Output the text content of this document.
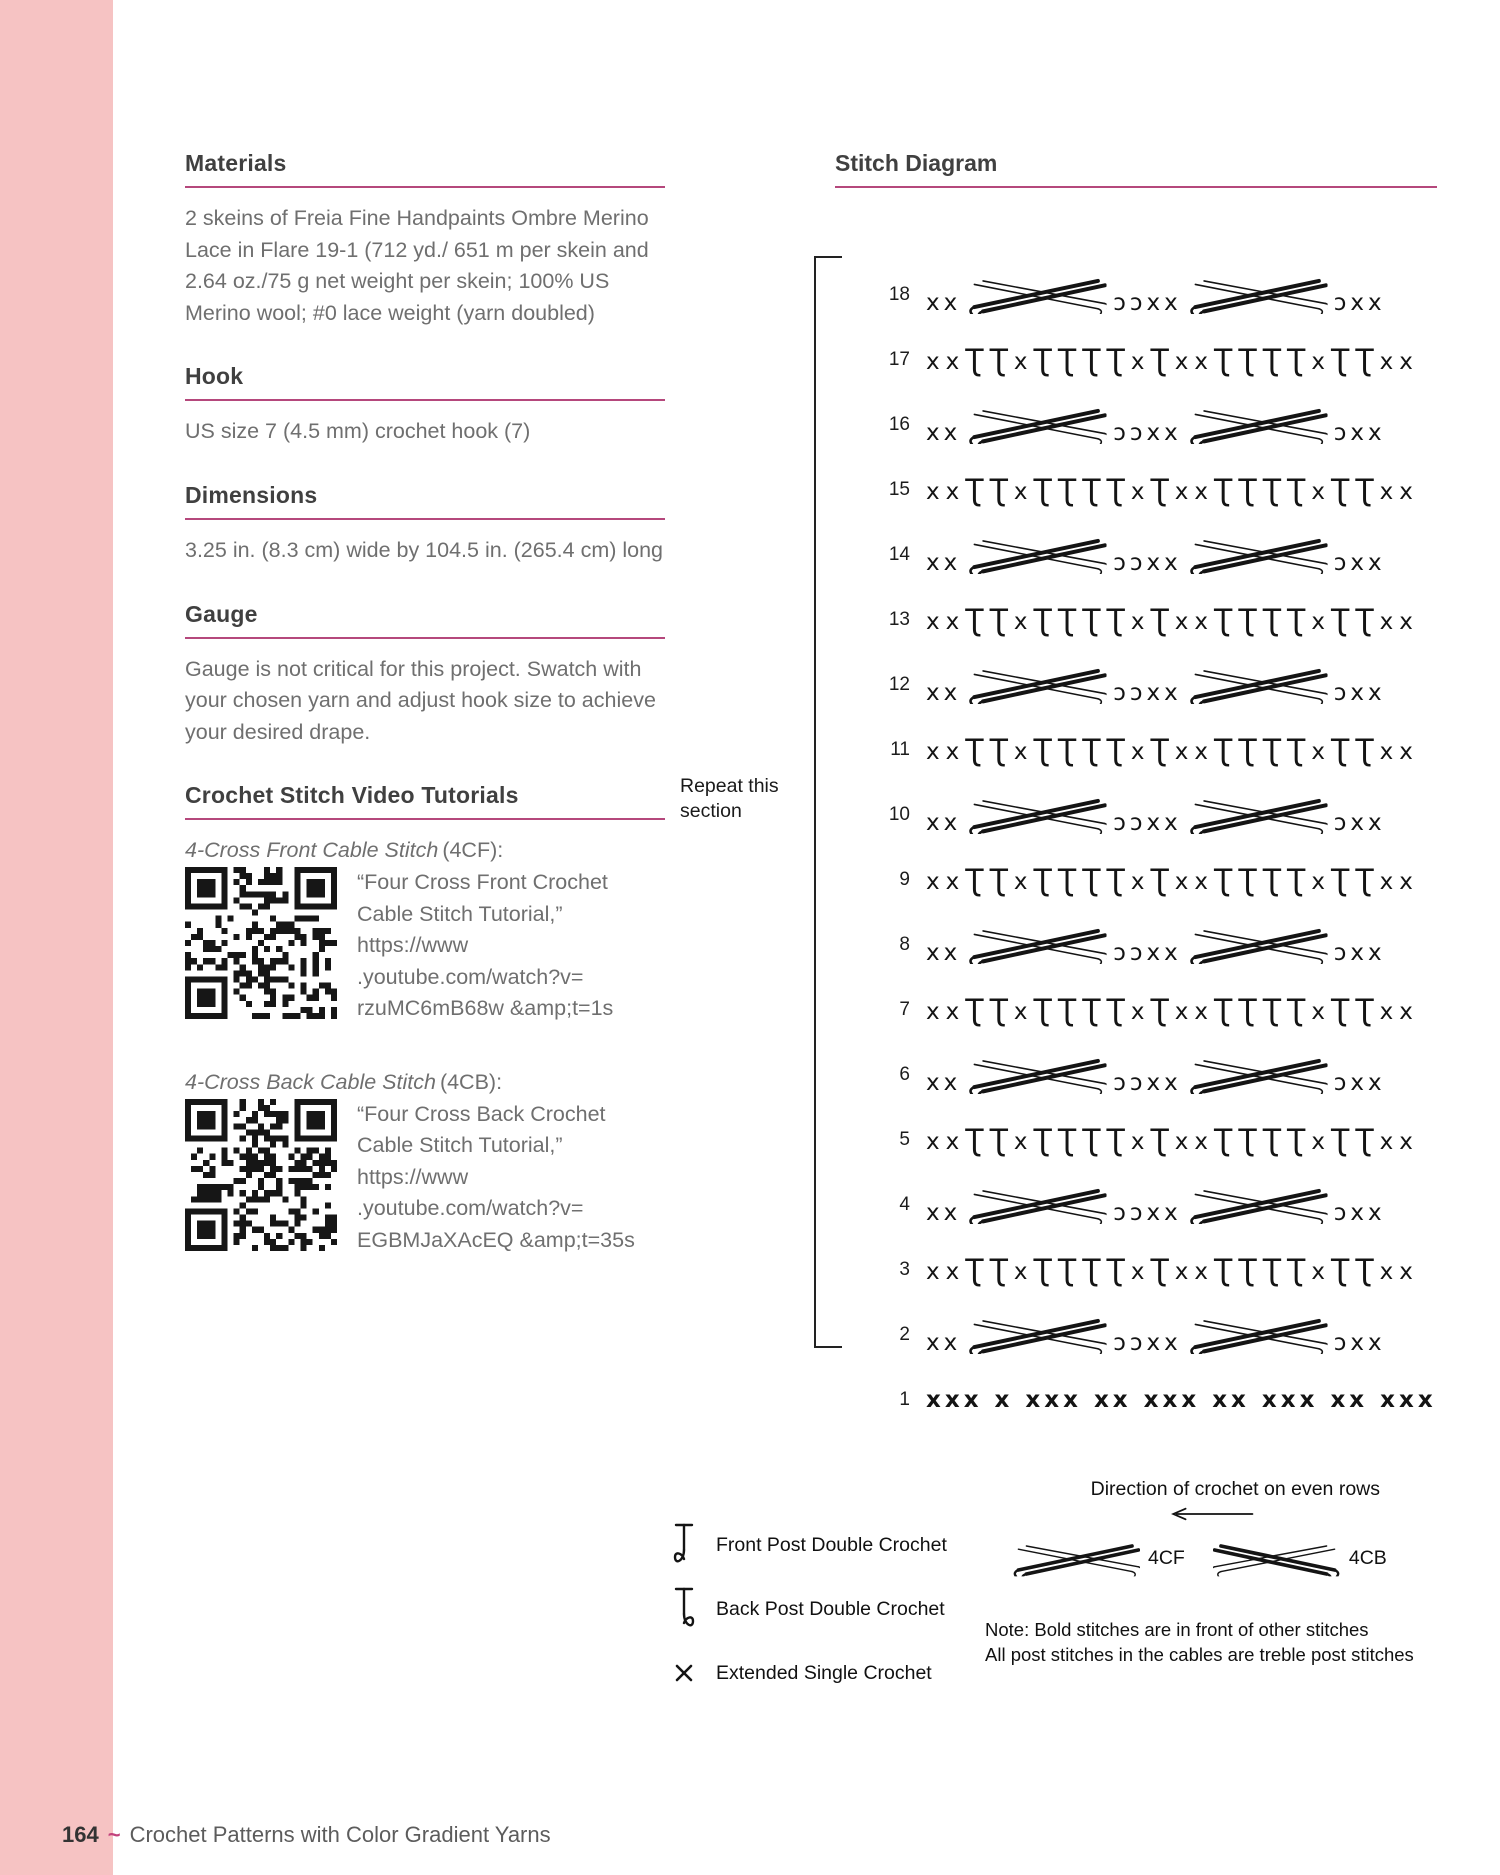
Materials

2 skeins of Freia Fine Handpaints Ombre Merino Lace in Flare 19-1 (712 yd./ 651 m per skein and 2.64 oz./75 g net weight per skein; 100% US Merino wool; #0 lace weight (yarn doubled)

Hook

US size 7 (4.5 mm) crochet hook (7)

Dimensions

3.25 in. (8.3 cm) wide by 104.5 in. (265.4 cm) long

Gauge

Gauge is not critical for this project. Swatch with your chosen yarn and adjust hook size to achieve your desired drape.

Crochet Stitch Video Tutorials

4-Cross Front Cable Stitch (4CF):

“Four Cross Front Crochet Cable Stitch Tutorial,” https://www .youtube.com/watch?v= rzuMC6mB68w &amp;t=1s

4-Cross Back Cable Stitch (4CB):

“Four Cross Back Crochet Cable Stitch Tutorial,” https://www .youtube.com/watch?v= EGBMJaXAcEQ &amp;t=35s

Stitch Diagram
Repeat this section
18 xx	ɔɔxx	ɔxx
17 xxƮƮxƮƮƮƮxƮxxƮƮƮƮxƮƮxx
16 xx	ɔɔxx	ɔxx
15 xxƮƮxƮƮƮƮxƮxxƮƮƮƮxƮƮxx
14 xx	ɔɔxx	ɔxx
13 xxƮƮxƮƮƮƮxƮxxƮƮƮƮxƮƮxx
12 xx	ɔɔxx	ɔxx
11 xxƮƮxƮƮƮƮxƮxxƮƮƮƮxƮƮxx
10 xx	ɔɔxx	ɔxx
9 xxƮƮxƮƮƮƮxƮxxƮƮƮƮxƮƮxx
8 xx	ɔɔxx	ɔxx
7 xxƮƮxƮƮƮƮxƮxxƮƮƮƮxƮƮxx
6 xx	ɔɔxx	ɔxx
5 xxƮƮxƮƮƮƮxƮxxƮƮƮƮxƮƮxx
4 xx	ɔɔxx	ɔxx
3 xxƮƮxƮƮƮƮxƮxxƮƮƮƮxƮƮxx
2 xx	ɔɔxx	ɔxx
1 xxx x xxx xx xxx xx xxx xx xxx
Direction of crochet on even rows
Front Post Double Crochet
Back Post Double Crochet
Extended Single Crochet
4CF	4CB
Note: Bold stitches are in front of other stitches
All post stitches in the cables are treble post stitches
164 ~ Crochet Patterns with Color Gradient Yarns
